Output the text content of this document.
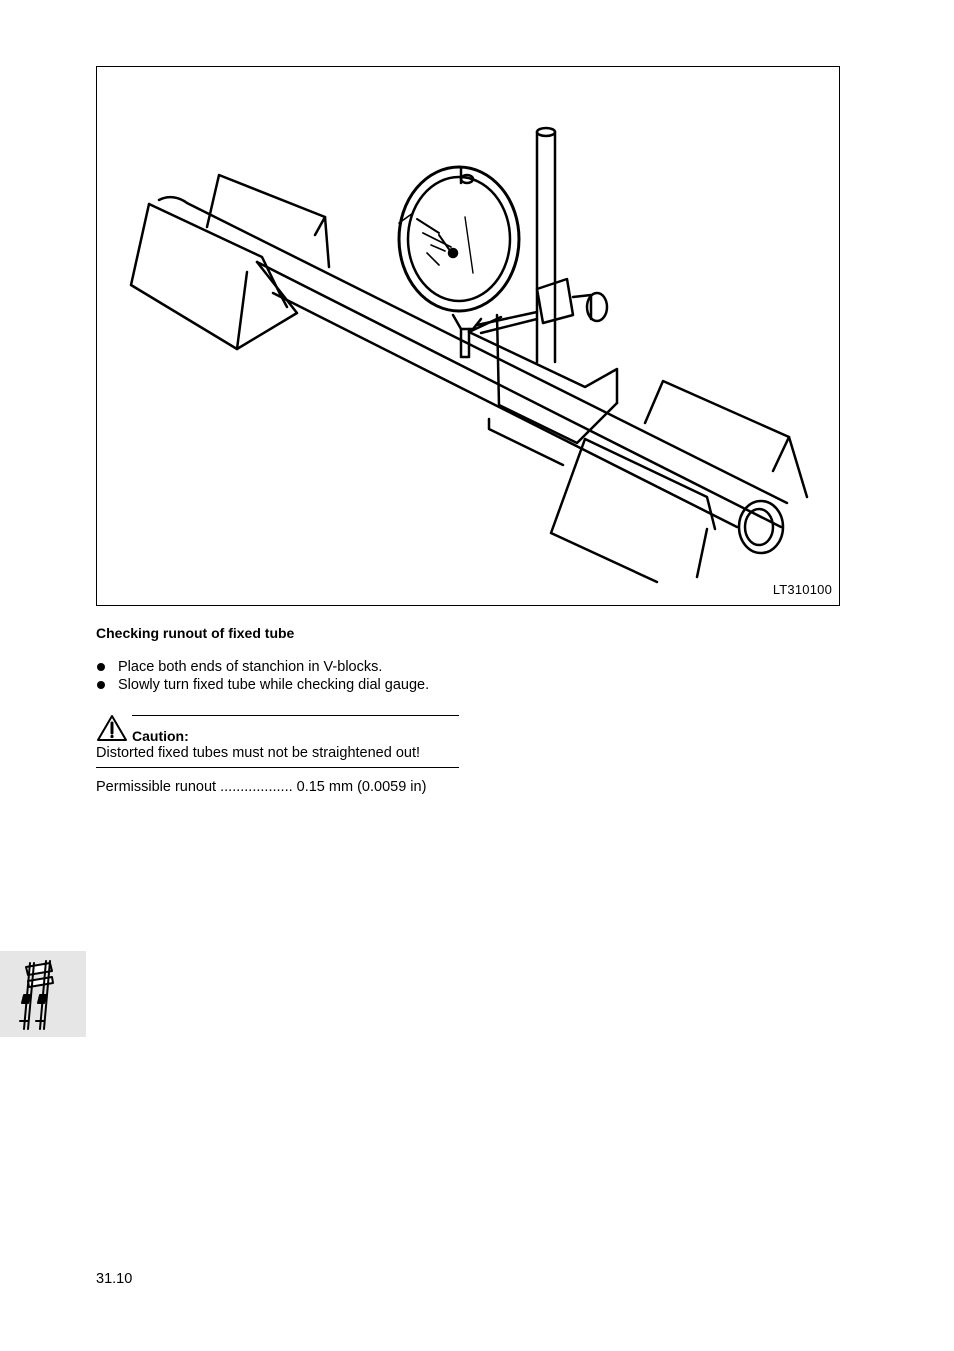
LT310100
Checking runout of fixed tube
Place both ends of stanchion in V-blocks.
Slowly turn fixed tube while checking dial gauge.
Caution:
Distorted fixed tubes must not be straightened out!
Permissible runout .................. 0.15 mm (0.0059 in)
31.10
